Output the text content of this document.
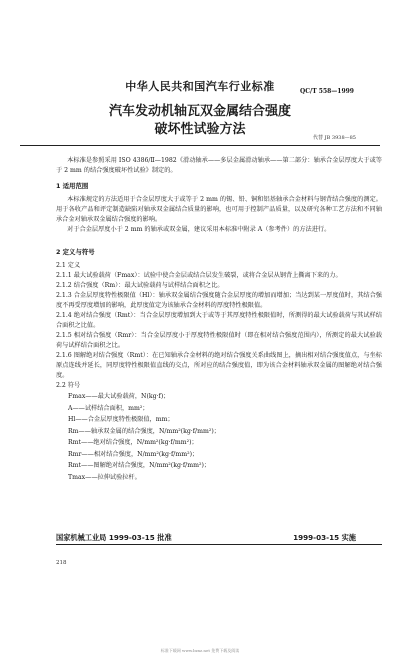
中华人民共和国汽车行业标准	QC/T 558—1999
汽车发动机轴瓦双金属结合强度
破坏性试验方法
代替 JB 3938—85

本标准是参照采用 ISO 4386/Ⅱ—1982《滑动轴承——多层金属滑动轴承——第二部分：轴承合金层厚度大于或等于 2 mm 的结合强度破坏性试验》制定的。

1 适用范围

本标准规定的方法适用于合金层厚度大于或等于 2 mm 的锡、铅、铜和铝基轴承合金材料与钢背结合强度的测定。用于各收产品和评定制造缺陷对轴承双金属结合质量的影响，也可用于控制产品质量，以及研究各种工艺方法和不同轴承合金对轴承双金属结合强度的影响。

对于合金层厚度小于 2 mm 的轴承或双金属，建议采用本标准中附录 A（参考件）的方法进行。

2 定义与符号
2.1 定义

2.1.1 最大试验载荷（Fmax）：试验中使合金层或结合层发生破裂，或将合金层从钢背上撕离下来的力。

2.1.2 结合强度（Rm）：最大试验载荷与试样结合面积之比。

2.1.3 合金层厚度特性极限值（Hl）：轴承双金属结合强度随合金层厚度的增加而增加；当达到某一厚度值时，其结合强度不再受厚度增加的影响，此厚度值定为该轴承合金材料的厚度特性极限值。

2.1.4 绝对结合强度（Rmt）：当合金层厚度增加到大于或等于其厚度特性极限值时，所测得的最大试验载荷与其试样结合面积之比值。

2.1.5 相对结合强度（Rmr）：当合金层厚度小于厚度特性极限值时（即在相对结合强度范围内），所测定的最大试验载荷与试样结合面积之比。

2.1.6 图解绝对结合强度（Rmt）：在已知轴承合金材料的绝对结合强度关系曲线图上，摘出相对结合强度值点，与坐标原点连线并延长，同厚度特性极限值直线的交点，所对应的结合强度值，即为该合金材料轴承双金属的图解绝对结合强度。

2.2 符号
Fmax——最大试验载荷，N(kg·f)；
A——试样结合面积，mm²；
Hl——合金层厚度特性极限值，mm；
Rm——轴承双金属的结合强度，N/mm²(kg·f/mm²)；
Rmt——绝对结合强度，N/mm²(kg·f/mm²)；
Rmr——相对结合强度，N/mm²(kg·f/mm²)；
Rmt——图解绝对结合强度，N/mm²(kg·f/mm²)；
Tmax——拉伸试验拉杆。
国家机械工业局 1999-03-15 批准	1999-03-15 实施
218
标准下载网 www.bzxz.net 免费下载及阅读
